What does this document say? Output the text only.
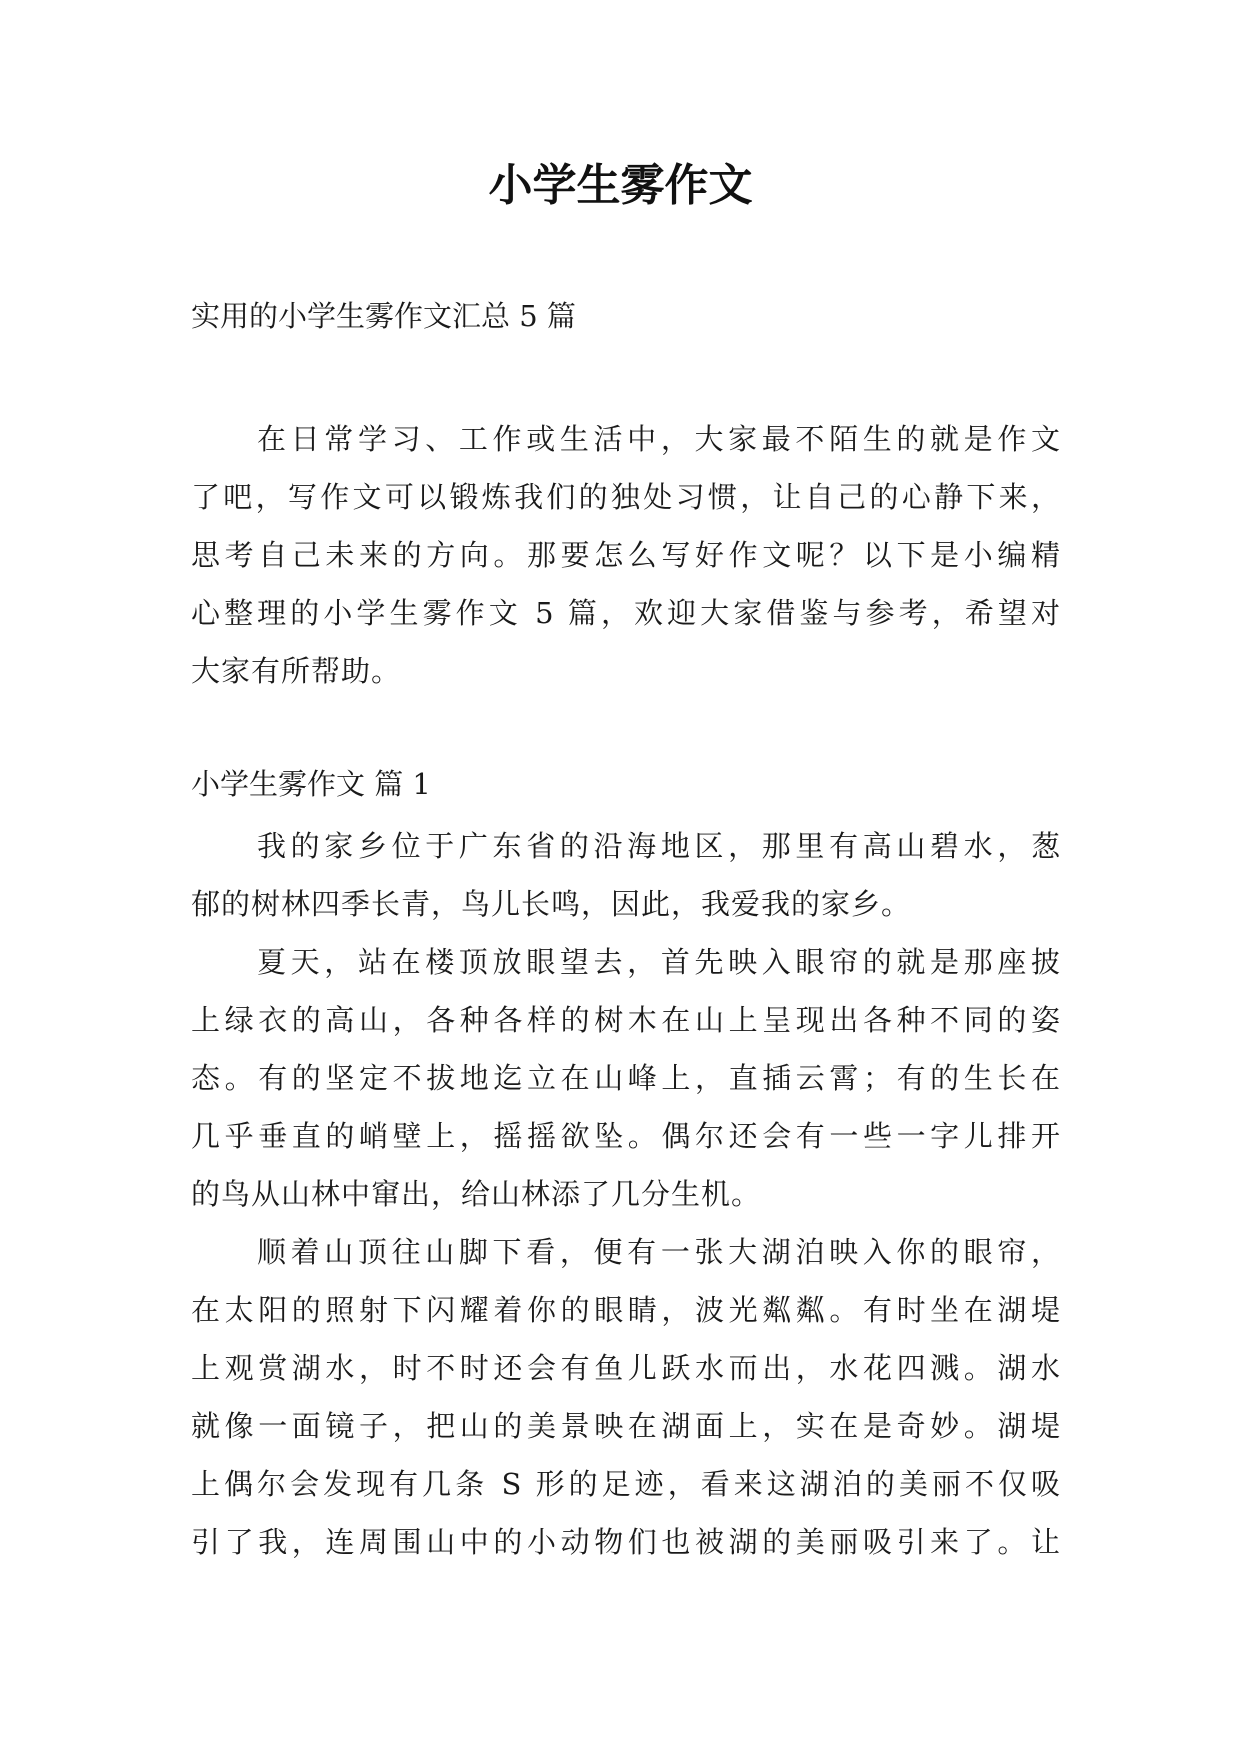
小学生雾作文

实用的小学生雾作文汇总 5 篇

在日常学习、工作或生活中，大家最不陌生的就是作文
了吧，写作文可以锻炼我们的独处习惯，让自己的心静下来，
思考自己未来的方向。那要怎么写好作文呢？以下是小编精
心整理的小学生雾作文 5 篇，欢迎大家借鉴与参考，希望对
大家有所帮助。

小学生雾作文 篇 1

我的家乡位于广东省的沿海地区，那里有高山碧水，葱
郁的树林四季长青，鸟儿长鸣，因此，我爱我的家乡。
夏天，站在楼顶放眼望去，首先映入眼帘的就是那座披
上绿衣的高山，各种各样的树木在山上呈现出各种不同的姿
态。有的坚定不拔地迄立在山峰上，直插云霄；有的生长在
几乎垂直的峭壁上，摇摇欲坠。偶尔还会有一些一字儿排开
的鸟从山林中窜出，给山林添了几分生机。
顺着山顶往山脚下看，便有一张大湖泊映入你的眼帘，
在太阳的照射下闪耀着你的眼睛，波光粼粼。有时坐在湖堤
上观赏湖水，时不时还会有鱼儿跃水而出，水花四溅。湖水
就像一面镜子，把山的美景映在湖面上，实在是奇妙。湖堤
上偶尔会发现有几条 S 形的足迹，看来这湖泊的美丽不仅吸
引了我，连周围山中的小动物们也被湖的美丽吸引来了。让
